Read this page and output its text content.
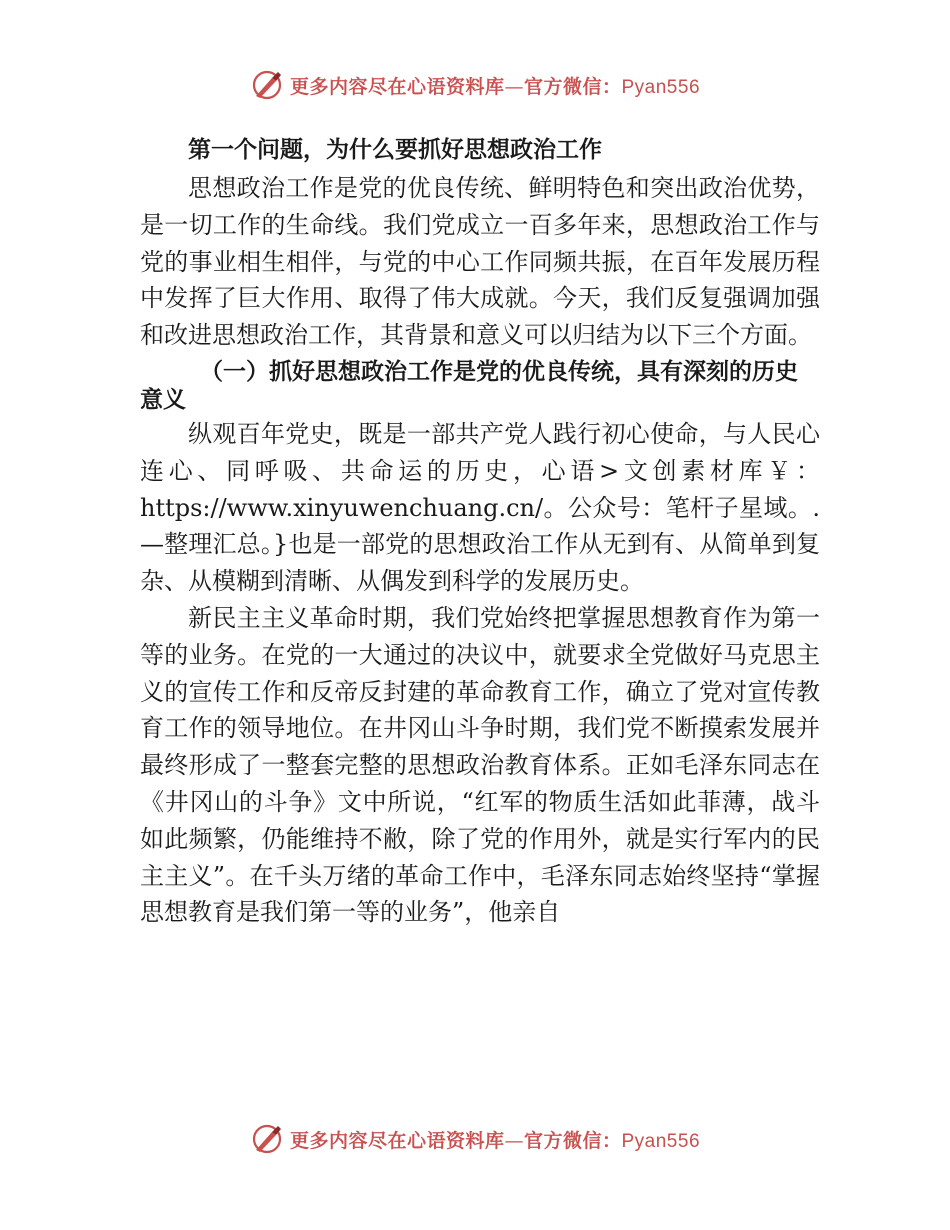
更多内容尽在心语资料库—官方微信：Pyan556

第一个问题，为什么要抓好思想政治工作

思想政治工作是党的优良传统、鲜明特色和突出政治优势，是一切工作的生命线。我们党成立一百多年来，思想政治工作与党的事业相生相伴，与党的中心工作同频共振，在百年发展历程中发挥了巨大作用、取得了伟大成就。今天，我们反复强调加强和改进思想政治工作，其背景和意义可以归结为以下三个方面。

（一）抓好思想政治工作是党的优良传统，具有深刻的历史意义

纵观百年党史，既是一部共产党人践行初心使命，与人民心连心、同呼吸、共命运的历史，心语>文创素材库￥：https://www.xinyuwenchuang.cn/。公众号：笔杆子星域。.—整理汇总。}也是一部党的思想政治工作从无到有、从简单到复杂、从模糊到清晰、从偶发到科学的发展历史。

新民主主义革命时期，我们党始终把掌握思想教育作为第一等的业务。在党的一大通过的决议中，就要求全党做好马克思主义的宣传工作和反帝反封建的革命教育工作，确立了党对宣传教育工作的领导地位。在井冈山斗争时期，我们党不断摸索发展并最终形成了一整套完整的思想政治教育体系。正如毛泽东同志在《井冈山的斗争》文中所说，“红军的物质生活如此菲薄，战斗如此频繁，仍能维持不敝，除了党的作用外，就是实行军内的民主主义”。在千头万绪的革命工作中，毛泽东同志始终坚持“掌握思想教育是我们第一等的业务”，他亲自

更多内容尽在心语资料库—官方微信：Pyan556
